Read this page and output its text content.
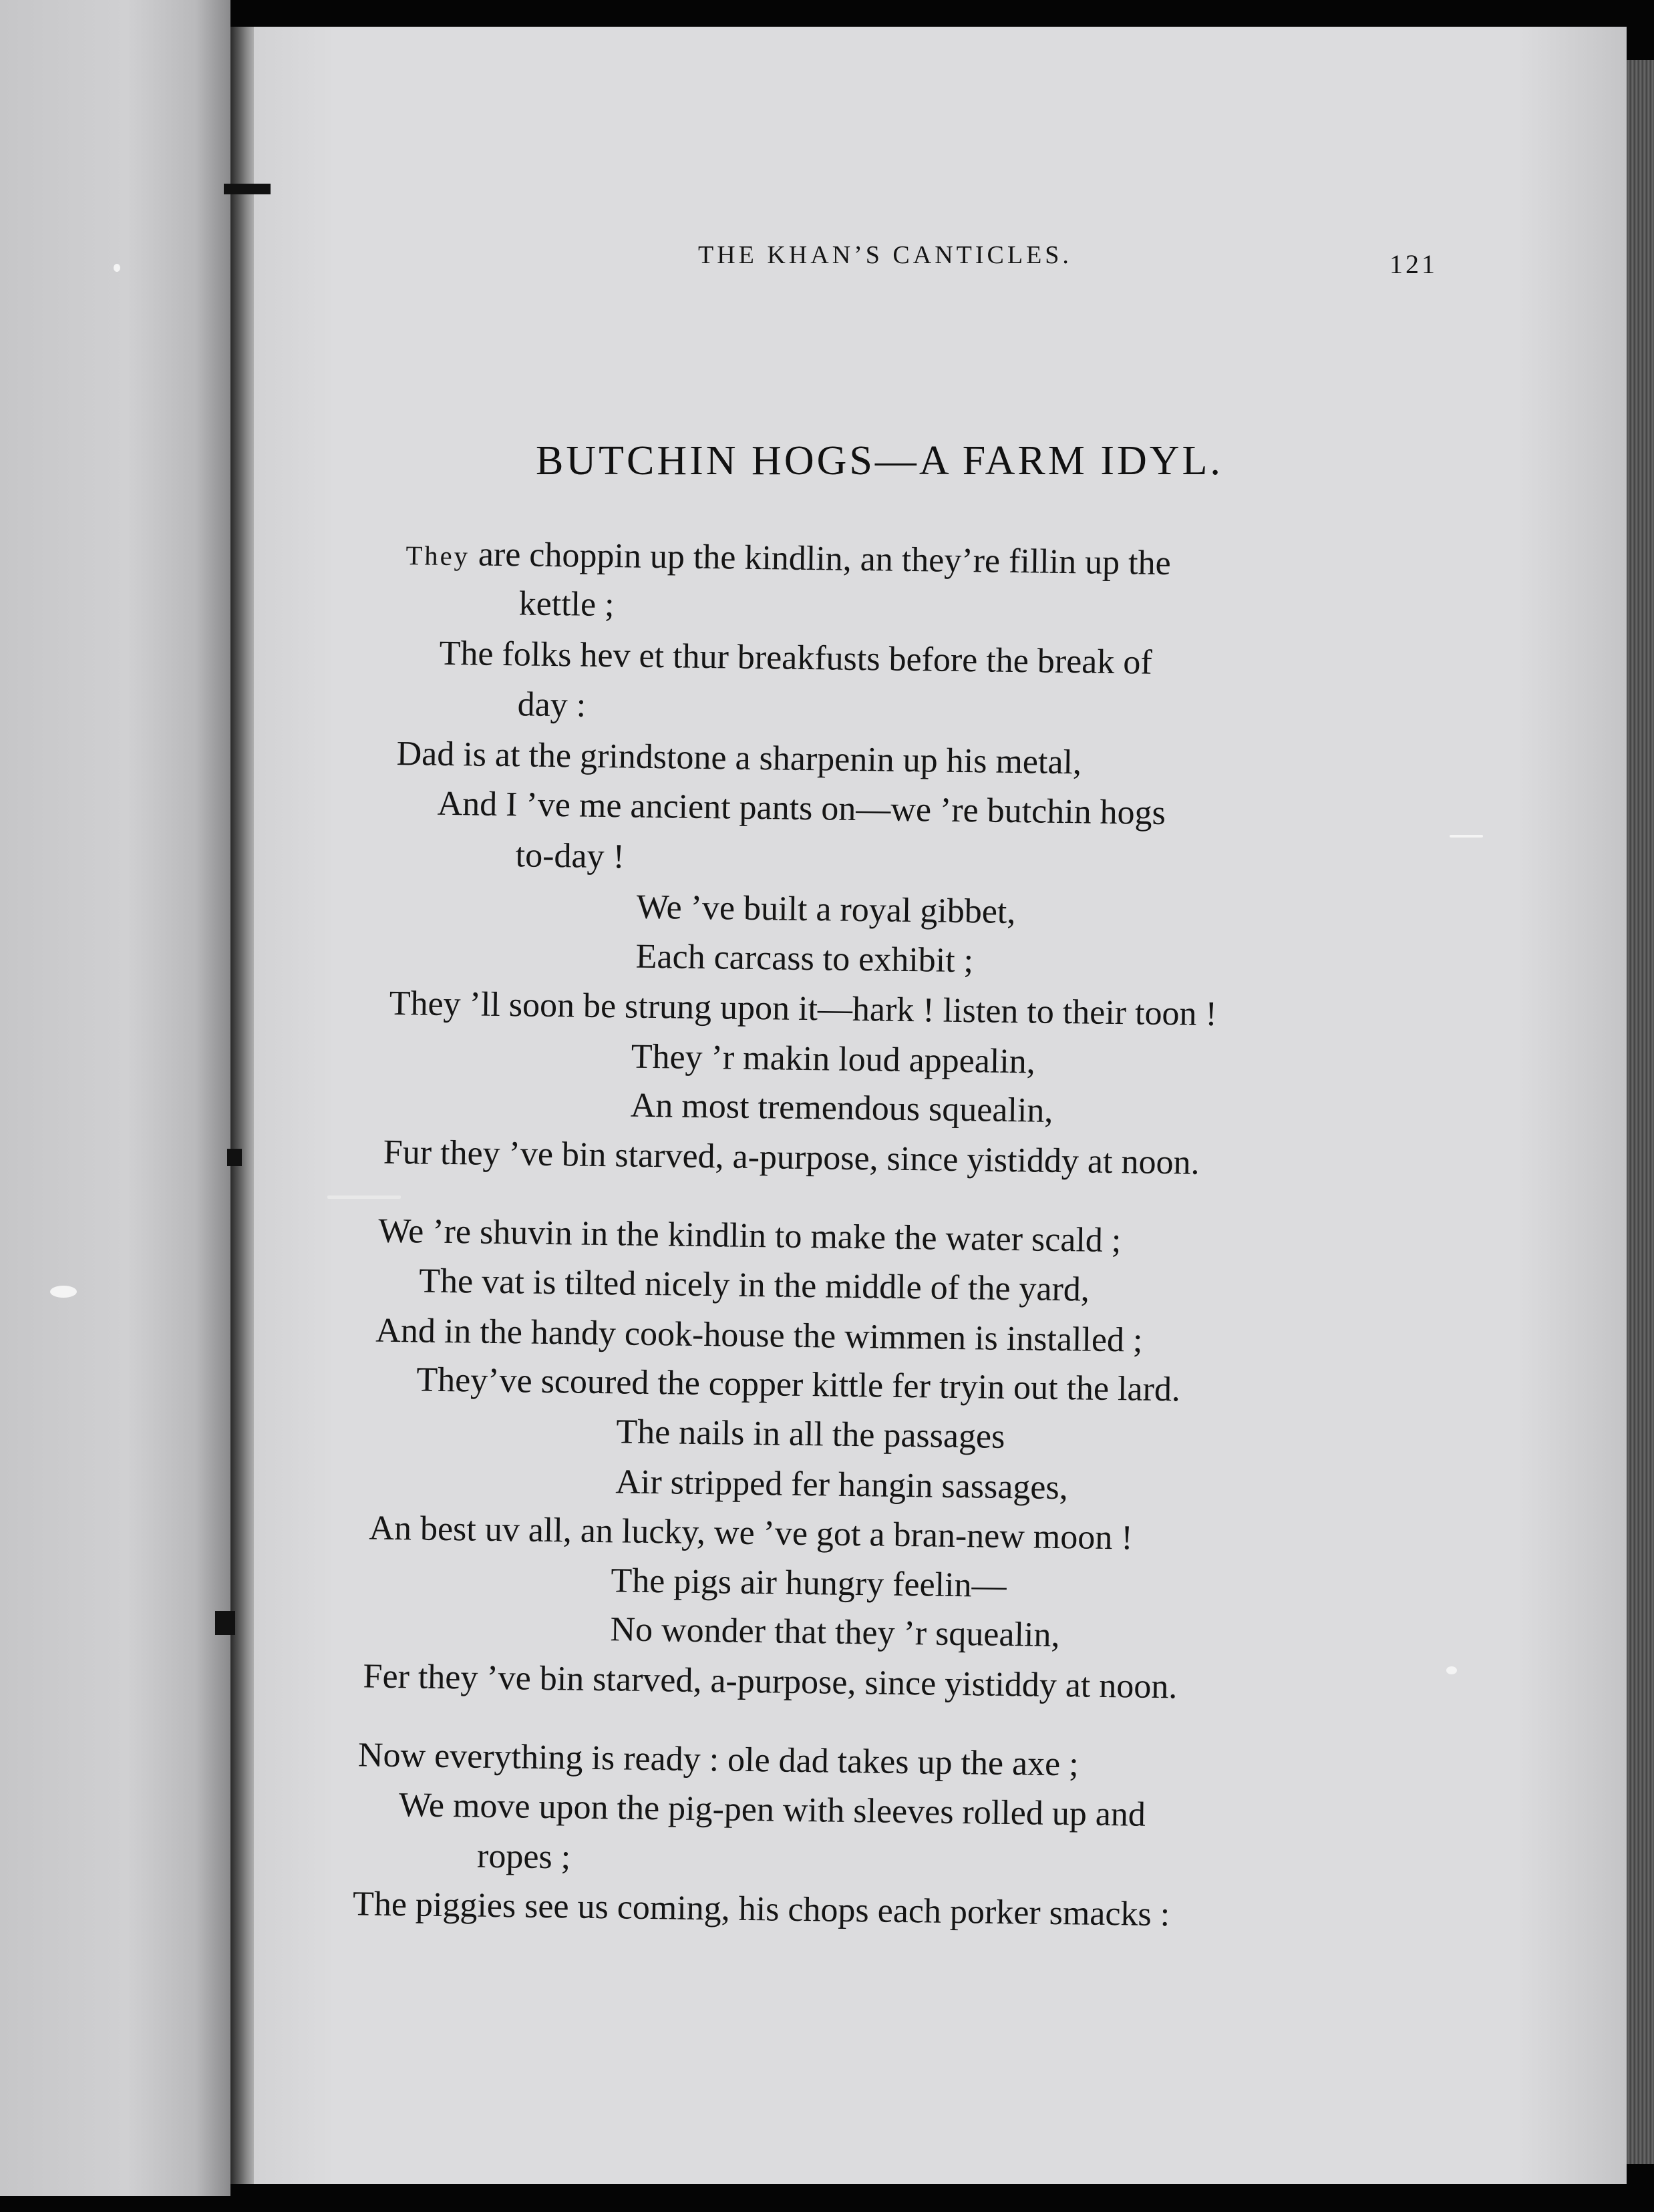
THE KHAN’S CANTICLES.	121
BUTCHIN HOGS—A FARM IDYL.
They are choppin up the kindlin, an they’re fillin up the
kettle ;
The folks hev et thur breakfusts before the break of
day :
Dad is at the grindstone a sharpenin up his metal,
And I ’ve me ancient pants on—we ’re butchin hogs
to-day !
We ’ve built a royal gibbet,
Each carcass to exhibit ;
They ’ll soon be strung upon it—hark ! listen to their toon !
They ’r makin loud appealin,
An most tremendous squealin,
Fur they ’ve bin starved, a-purpose, since yistiddy at noon.
We ’re shuvin in the kindlin to make the water scald ;
The vat is tilted nicely in the middle of the yard,
And in the handy cook-house the wimmen is installed ;
They’ve scoured the copper kittle fer tryin out the lard.
The nails in all the passages
Air stripped fer hangin sassages,
An best uv all, an lucky, we ’ve got a bran-new moon !
The pigs air hungry feelin—
No wonder that they ’r squealin,
Fer they ’ve bin starved, a-purpose, since yistiddy at noon.
Now everything is ready : ole dad takes up the axe ;
We move upon the pig-pen with sleeves rolled up and
ropes ;
The piggies see us coming, his chops each porker smacks :
